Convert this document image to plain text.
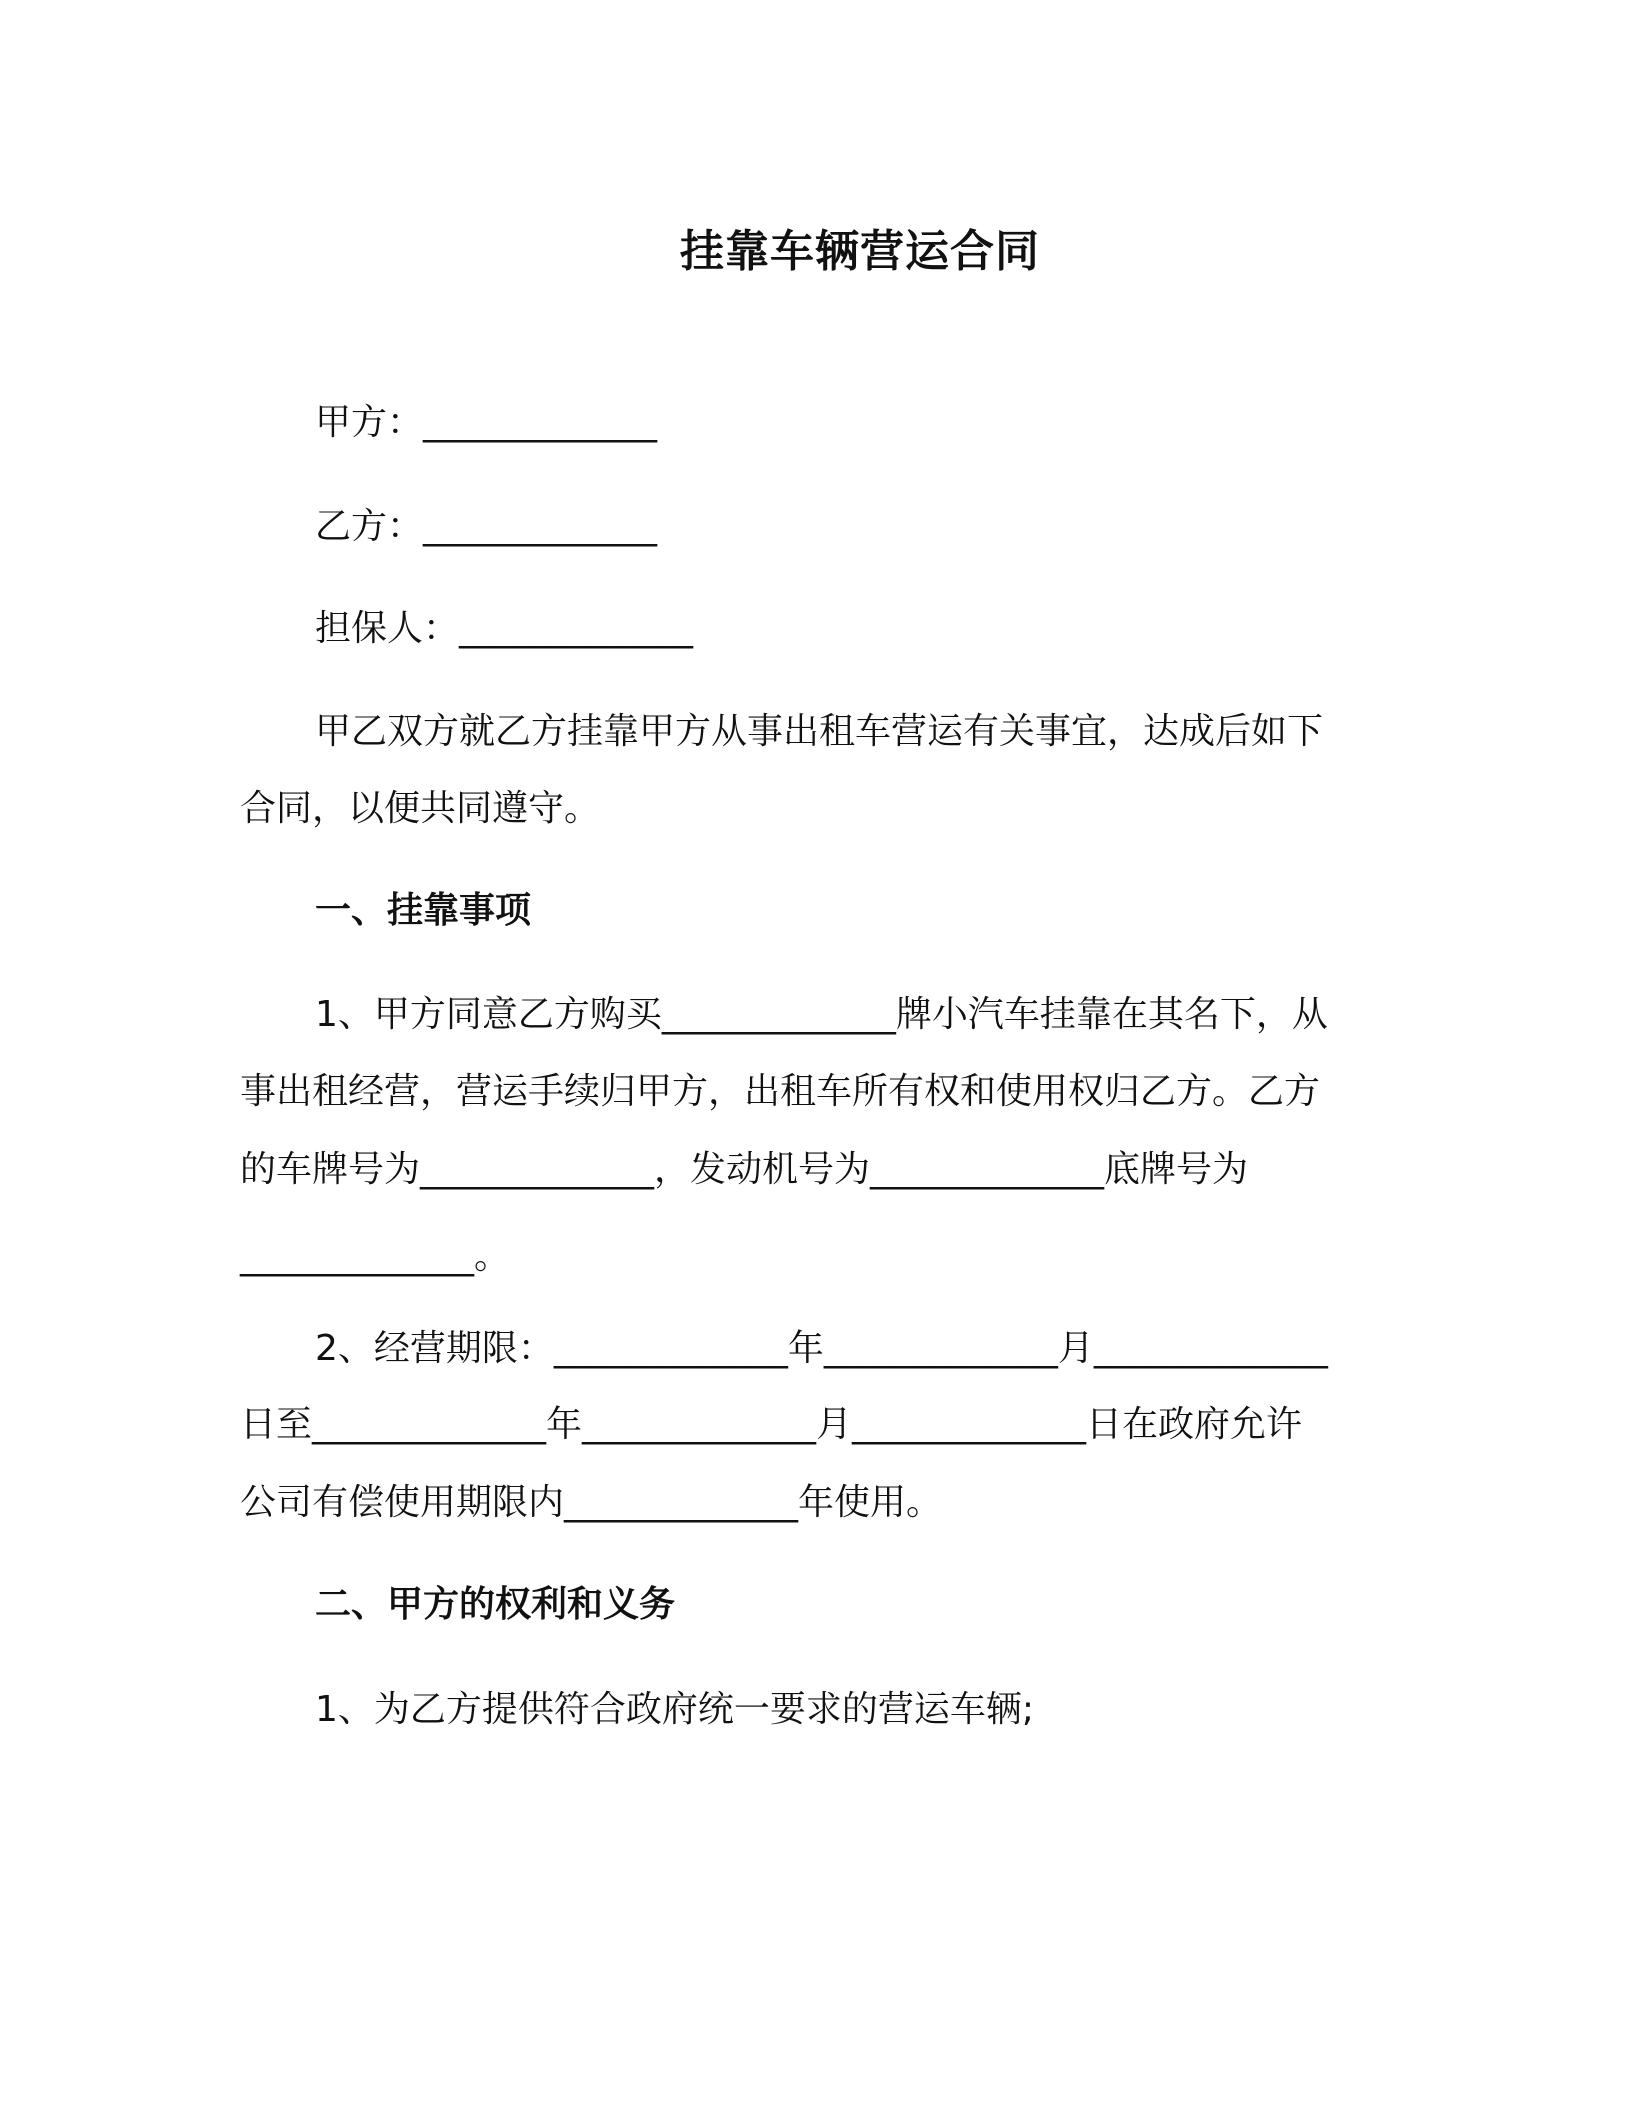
挂靠车辆营运合同
甲方：_____________
乙方：_____________
担保人：_____________
甲乙双方就乙方挂靠甲方从事出租车营运有关事宜，达成后如下
合同，以便共同遵守。
一、挂靠事项
1、甲方同意乙方购买_____________牌小汽车挂靠在其名下，从
事出租经营，营运手续归甲方，出租车所有权和使用权归乙方。乙方
的车牌号为_____________，发动机号为_____________底牌号为
_____________。
2、经营期限：_____________年_____________月_____________
日至_____________年_____________月_____________日在政府允许
公司有偿使用期限内_____________年使用。
二、甲方的权利和义务
1、为乙方提供符合政府统一要求的营运车辆;
